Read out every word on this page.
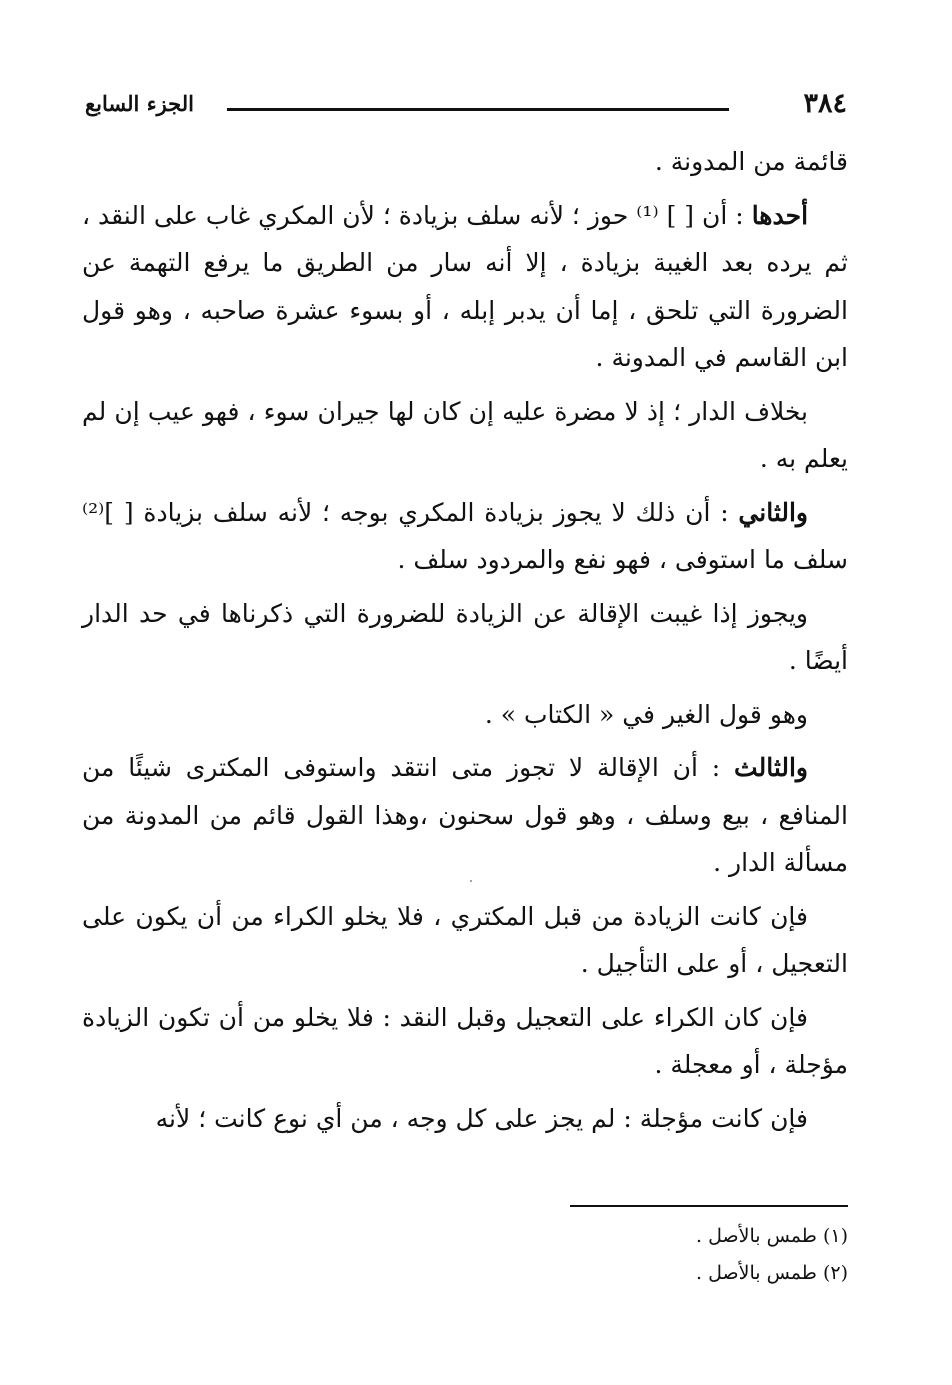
٣٨٤
الجزء السابع

قائمة من المدونة .

أحدها : أن [ ] ⁽¹⁾ حوز ؛ لأنه سلف بزيادة ؛ لأن المكري غاب على النقد ، ثم يرده بعد الغيبة بزيادة ، إلا أنه سار من الطريق ما يرفع التهمة عن الضرورة التي تلحق ، إما أن يدبر إبله ، أو بسوء عشرة صاحبه ، وهو قول ابن القاسم في المدونة .

بخلاف الدار ؛ إذ لا مضرة عليه إن كان لها جيران سوء ، فهو عيب إن لم يعلم به .

والثاني : أن ذلك لا يجوز بزيادة المكري بوجه ؛ لأنه سلف بزيادة [ ]⁽²⁾ سلف ما استوفى ، فهو نفع والمردود سلف .

ويجوز إذا غيبت الإقالة عن الزيادة للضرورة التي ذكرناها في حد الدار أيضًا .

وهو قول الغير في « الكتاب » .

والثالث : أن الإقالة لا تجوز متى انتقد واستوفى المكترى شيئًا من المنافع ، بيع وسلف ، وهو قول سحنون ،وهذا القول قائم من المدونة من مسألة الدار .

فإن كانت الزيادة من قبل المكتري ، فلا يخلو الكراء من أن يكون على التعجيل ، أو على التأجيل .

فإن كان الكراء على التعجيل وقبل النقد : فلا يخلو من أن تكون الزيادة مؤجلة ، أو معجلة .

فإن كانت مؤجلة : لم يجز على كل وجه ، من أي نوع كانت ؛ لأنه

(١) طمس بالأصل .
(٢) طمس بالأصل .
